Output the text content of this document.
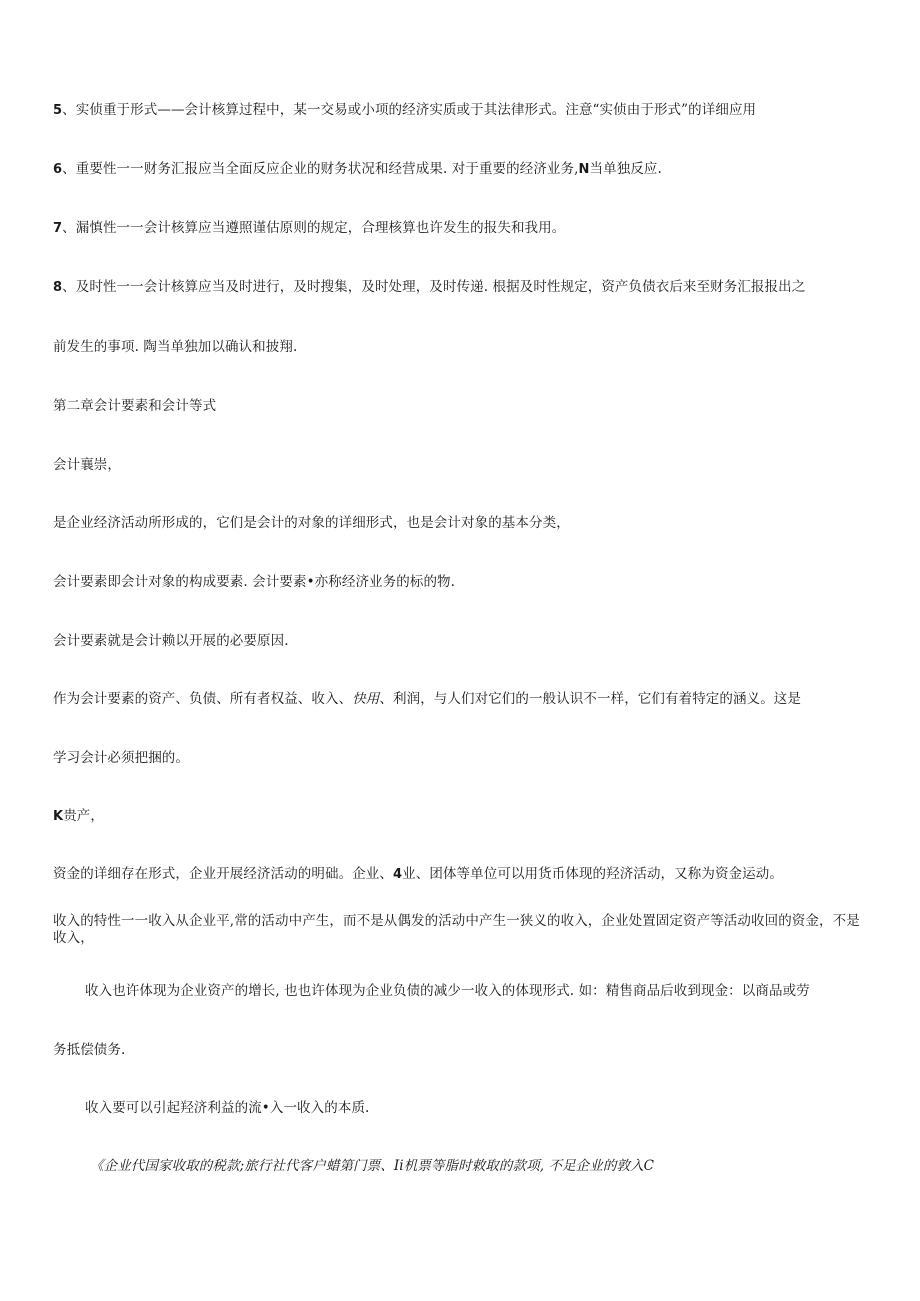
5、实侦重于形式——会计核算过程中，某一交易或小项的经济实质或于其法律形式。注意“实侦由于形式”的详细应用
6、重要性一一财务汇报应当全面反应企业的财务状况和经营成果. 对于重要的经济业务,N当单独反应.
7、漏慎性一一会计核算应当遵照谨估原则的规定，合理核算也许发生的报失和我用。
8、及时性一一会计核算应当及时进行，及时搜集，及时处理，及时传递. 根据及时性规定，资产负债衣后来至财务汇报报出之
前发生的事项. 陶当单独加以确认和披翔.
第二章会计要素和会计等式
会计襄崇，
是企业经济活动所形成的，它们是会计的对象的详细形式，也是会计对象的基本分类，
会计要素即会计对象的构成要素. 会计要素•亦称经济业务的标的物.
会计要素就是会计赖以开展的必要原因.
作为会计要素的资产、负债、所有者权益、收入、快用、利润，与人们对它们的一般认识不一样，它们有着特定的涵义。这是
学习会计必须把捆的。
K贵产，
资金的详细存在形式，企业开展经济活动的明础。企业、4业、团体等单位可以用货币体现的羟济活动，又称为资金运动。
收入的特性一一收入从企业平,常的活动中产生，而不是从偶发的活动中产生一狭义的收入，企业处置固定资产等活动收回的资金，不是收入，
收入也许体现为企业资产的增长, 也也许体现为企业负债的减少一收入的体现形式. 如：精售商品后收到现金：以商品或劳
务抵偿债务.
收入要可以引起羟济利益的流•入一收入的本质.
《企业代国家收取的税款;旅行社代客户蜡第门票、Ii机票等脂时敕取的款项, 不足企业的敦入C
